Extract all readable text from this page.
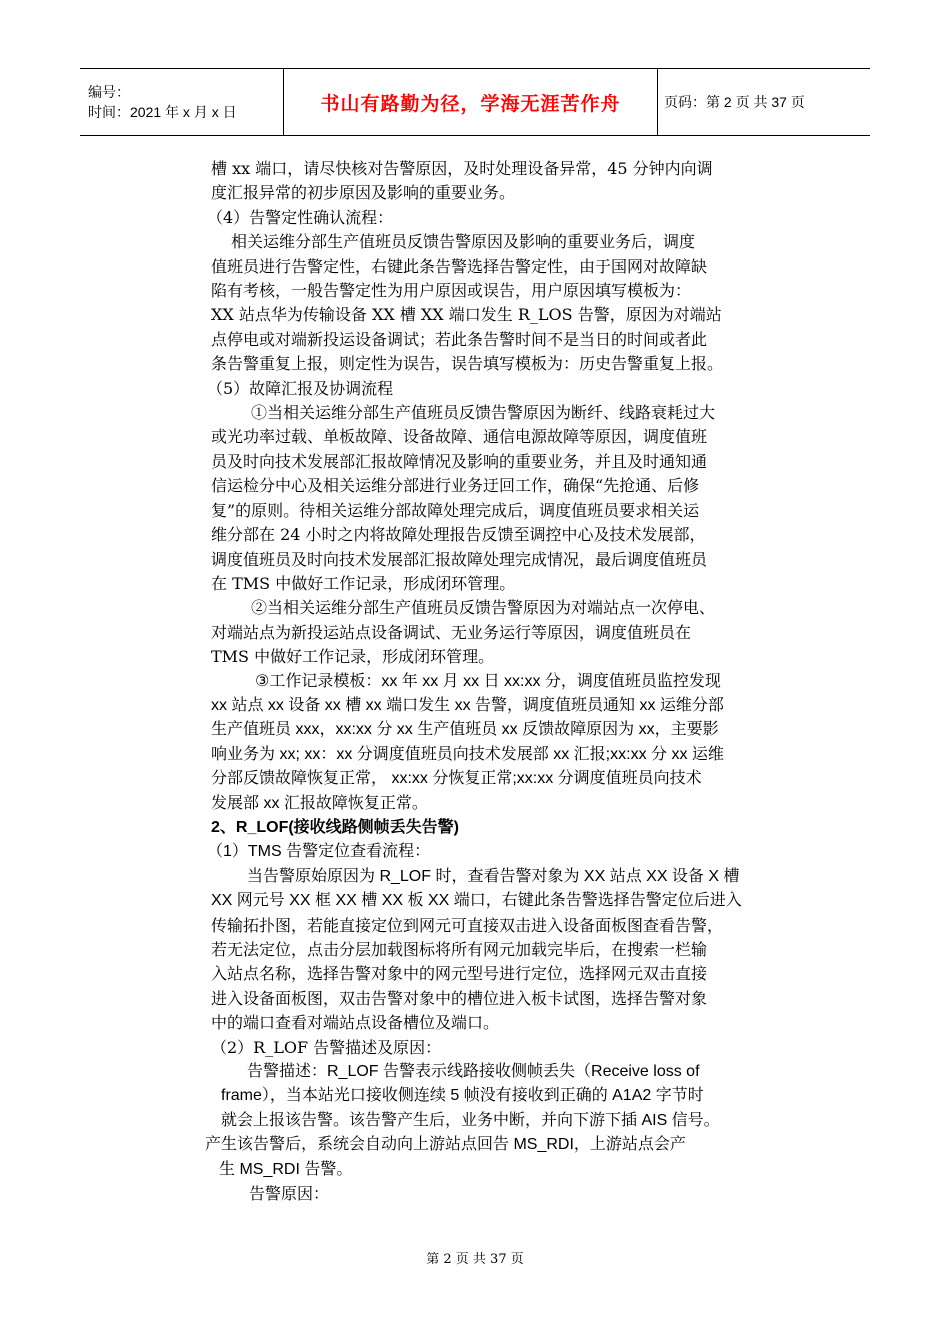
编号：
时间：2021 年 x 月 x 日	书山有路勤为径，学海无涯苦作舟	页码：第 2 页 共 37 页

槽 xx 端口，请尽快核对告警原因，及时处理设备异常，45 分钟内向调

度汇报异常的初步原因及影响的重要业务。

（4）告警定性确认流程：

相关运维分部生产值班员反馈告警原因及影响的重要业务后，调度

值班员进行告警定性，右键此条告警选择告警定性，由于国网对故障缺

陷有考核，一般告警定性为用户原因或误告，用户原因填写模板为：

XX 站点华为传输设备 XX 槽 XX 端口发生 R_LOS 告警，原因为对端站

点停电或对端新投运设备调试；若此条告警时间不是当日的时间或者此

条告警重复上报，则定性为误告，误告填写模板为：历史告警重复上报。

（5）故障汇报及协调流程

①当相关运维分部生产值班员反馈告警原因为断纤、线路衰耗过大

或光功率过载、单板故障、设备故障、通信电源故障等原因，调度值班

员及时向技术发展部汇报故障情况及影响的重要业务，并且及时通知通

信运检分中心及相关运维分部进行业务迂回工作，确保“先抢通、后修

复”的原则。待相关运维分部故障处理完成后，调度值班员要求相关运

维分部在 24 小时之内将故障处理报告反馈至调控中心及技术发展部，

调度值班员及时向技术发展部汇报故障处理完成情况，最后调度值班员

在 TMS 中做好工作记录，形成闭环管理。

②当相关运维分部生产值班员反馈告警原因为对端站点一次停电、

对端站点为新投运站点设备调试、无业务运行等原因，调度值班员在

TMS 中做好工作记录，形成闭环管理。

③工作记录模板：xx 年 xx 月 xx 日 xx:xx 分，调度值班员监控发现

xx 站点 xx 设备 xx 槽 xx 端口发生 xx 告警，调度值班员通知 xx 运维分部

生产值班员 xxx，xx:xx 分 xx 生产值班员 xx 反馈故障原因为 xx，主要影

响业务为 xx; xx：xx 分调度值班员向技术发展部 xx 汇报;xx:xx 分 xx 运维

分部反馈故障恢复正常， xx:xx 分恢复正常;xx:xx 分调度值班员向技术

发展部 xx 汇报故障恢复正常。

2、R_LOF(接收线路侧帧丢失告警)

（1）TMS 告警定位查看流程：

当告警原始原因为 R_LOF 时，查看告警对象为 XX 站点 XX 设备 X 槽

XX 网元号 XX 框 XX 槽 XX 板 XX 端口，右键此条告警选择告警定位后进入

传输拓扑图，若能直接定位到网元可直接双击进入设备面板图查看告警，

若无法定位，点击分层加载图标将所有网元加载完毕后，在搜索一栏输

入站点名称，选择告警对象中的网元型号进行定位，选择网元双击直接

进入设备面板图，双击告警对象中的槽位进入板卡试图，选择告警对象

中的端口查看对端站点设备槽位及端口。

（2）R_LOF 告警描述及原因：

告警描述：R_LOF 告警表示线路接收侧帧丢失（Receive loss of

frame），当本站光口接收侧连续 5 帧没有接收到正确的 A1A2 字节时

就会上报该告警。该告警产生后，业务中断，并向下游下插 AIS 信号。

产生该告警后，系统会自动向上游站点回告 MS_RDI，上游站点会产

生 MS_RDI 告警。

告警原因：

第 2 页 共 37 页
